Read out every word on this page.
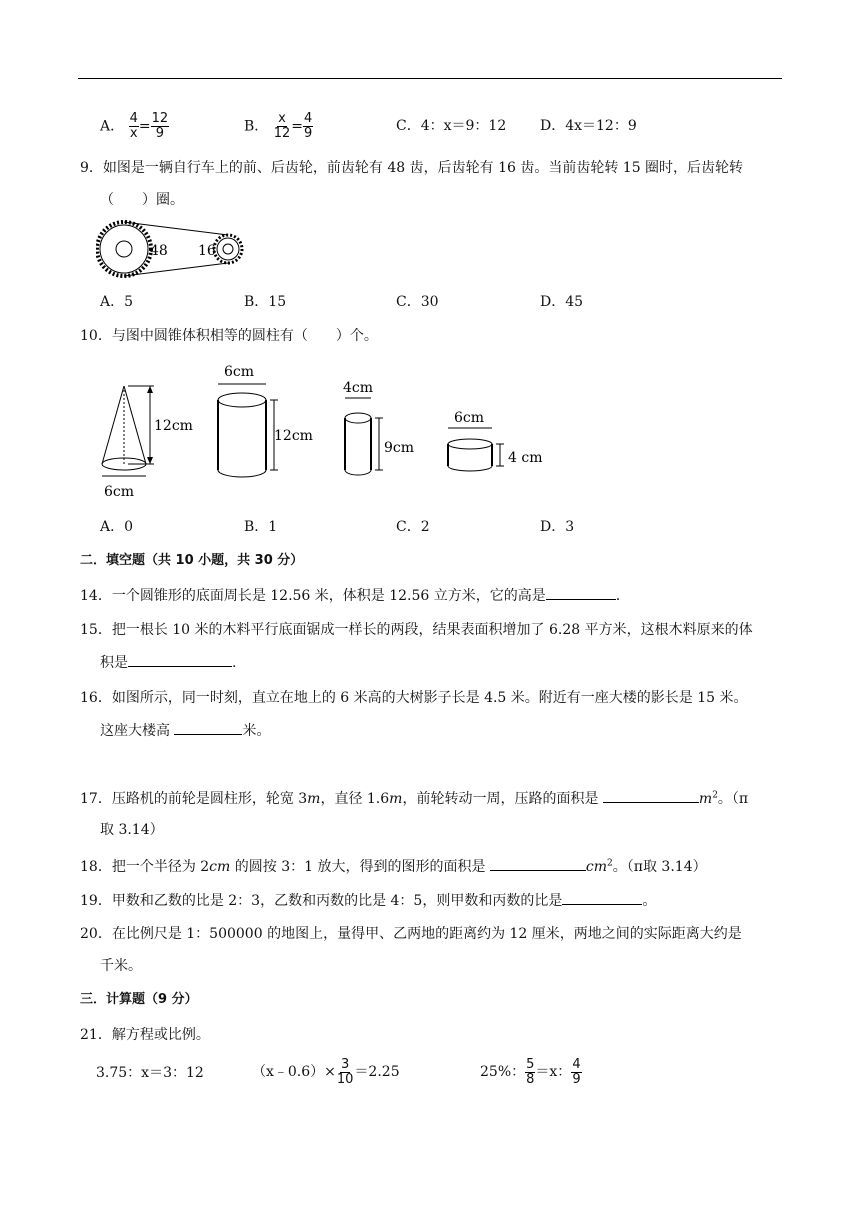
A． $\frac{4}{x} = \frac{12}{9}$	B． $\frac{x}{12} = \frac{4}{9}$	C．4：x＝9：12 D．4x＝12：9
9．如图是一辆自行车上的前、后齿轮，前齿轮有 48 齿，后齿轮有 16 齿。当前齿轮转 15 圈时，后齿轮转
（　　）圈。
48 16
A．5	B．15	C．30	D．45
10．与图中圆锥体积相等的圆柱有（　　）个。
12cm
6cm
6cm
12cm
4cm
9cm
6cm
4 cm
A．0	B．1	C．2	D．3
二．填空题（共 10 小题，共 30 分）
14．一个圆锥形的底面周长是 12.56 米，体积是 12.56 立方米，它的高是	.
15．把一根长 10 米的木料平行底面锯成一样长的两段，结果表面积增加了 6.28 平方米，这根木料原来的体
积是	.
16．如图所示，同一时刻，直立在地上的 6 米高的大树影子长是 4.5 米。附近有一座大楼的影长是 15 米。
这座大楼高	米。
17．压路机的前轮是圆柱形，轮宽 3m，直径 1.6m，前轮转动一周，压路的面积是	$m^2$。（π
取 3.14）
18．把一个半径为 2cm 的圆按 3：1 放大，得到的图形的面积是	$cm^2$。（π取 3.14）
19．甲数和乙数的比是 2：3，乙数和丙数的比是 4：5，则甲数和丙数的比是	。
20．在比例尺是 1：500000 的地图上，量得甲、乙两地的距离约为 12 厘米，两地之间的实际距离大约是
千米。
三．计算题（9 分）
21．解方程或比例。
3.75：x＝3：12	（x﹣0.6）× $\frac{3}{10} =2.25$	25%： $\frac{5}{8} =x$： $\frac{4}{9}$
